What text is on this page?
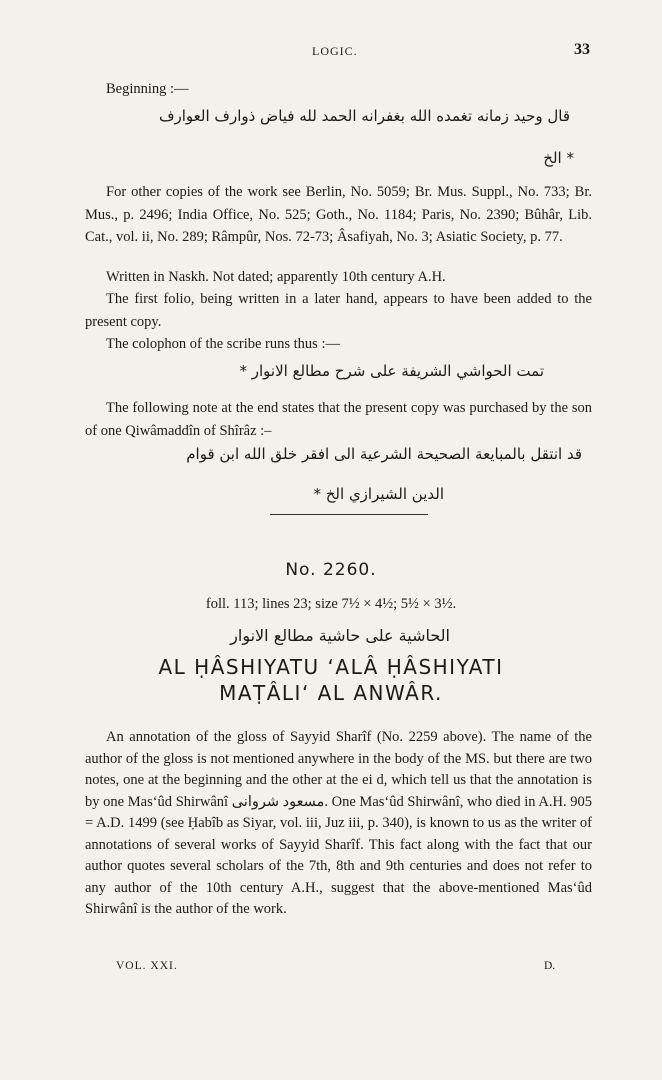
LOGIC.	33
Beginning :—
قال وحيد زمانه تغمده الله بغفرانه الحمد لله فياض ذوارف العوارف
* الخ
For other copies of the work see Berlin, No. 5059; Br. Mus. Suppl., No. 733; Br. Mus., p. 2496; India Office, No. 525; Goth., No. 1184; Paris, No. 2390; Bûhâr, Lib. Cat., vol. ii, No. 289; Râmpûr, Nos. 72-73; Âsafiyah, No. 3; Asiatic Society, p. 77.
Written in Naskh. Not dated; apparently 10th century A.H.
The first folio, being written in a later hand, appears to have been added to the present copy.
The colophon of the scribe runs thus :—
تمت الحواشي الشريفة على شرح مطالع الانوار *
The following note at the end states that the present copy was purchased by the son of one Qiwâmaddîn of Shîrâz :–
قد انتقل بالمبايعة الصحيحة الشرعية الى افقر خلق الله ابن قوام
الدين الشيرازي الخ *
No. 2260.
foll. 113; lines 23; size 7½ × 4½; 5½ × 3½.
الحاشية على حاشية مطالع الانوار
AL ḤÂSHIYATU ‘ALÂ ḤÂSHIYATI
MAṬÂLI‘ AL ANWÂR.
An annotation of the gloss of Sayyid Sharîf (No. 2259 above). The name of the author of the gloss is not mentioned anywhere in the body of the MS. but there are two notes, one at the beginning and the other at the ei d, which tell us that the annotation is by one Mas‘ûd Shirwânî مسعود شروانى. One Mas‘ûd Shirwânî, who died in A.H. 905 = A.D. 1499 (see Ḥabîb as Siyar, vol. iii, Juz iii, p. 340), is known to us as the writer of annotations of several works of Sayyid Sharîf. This fact along with the fact that our author quotes several scholars of the 7th, 8th and 9th centuries and does not refer to any author of the 10th century A.H., suggest that the above-mentioned Mas‘ûd Shirwânî is the author of the work.
VOL. XXI.	D.
